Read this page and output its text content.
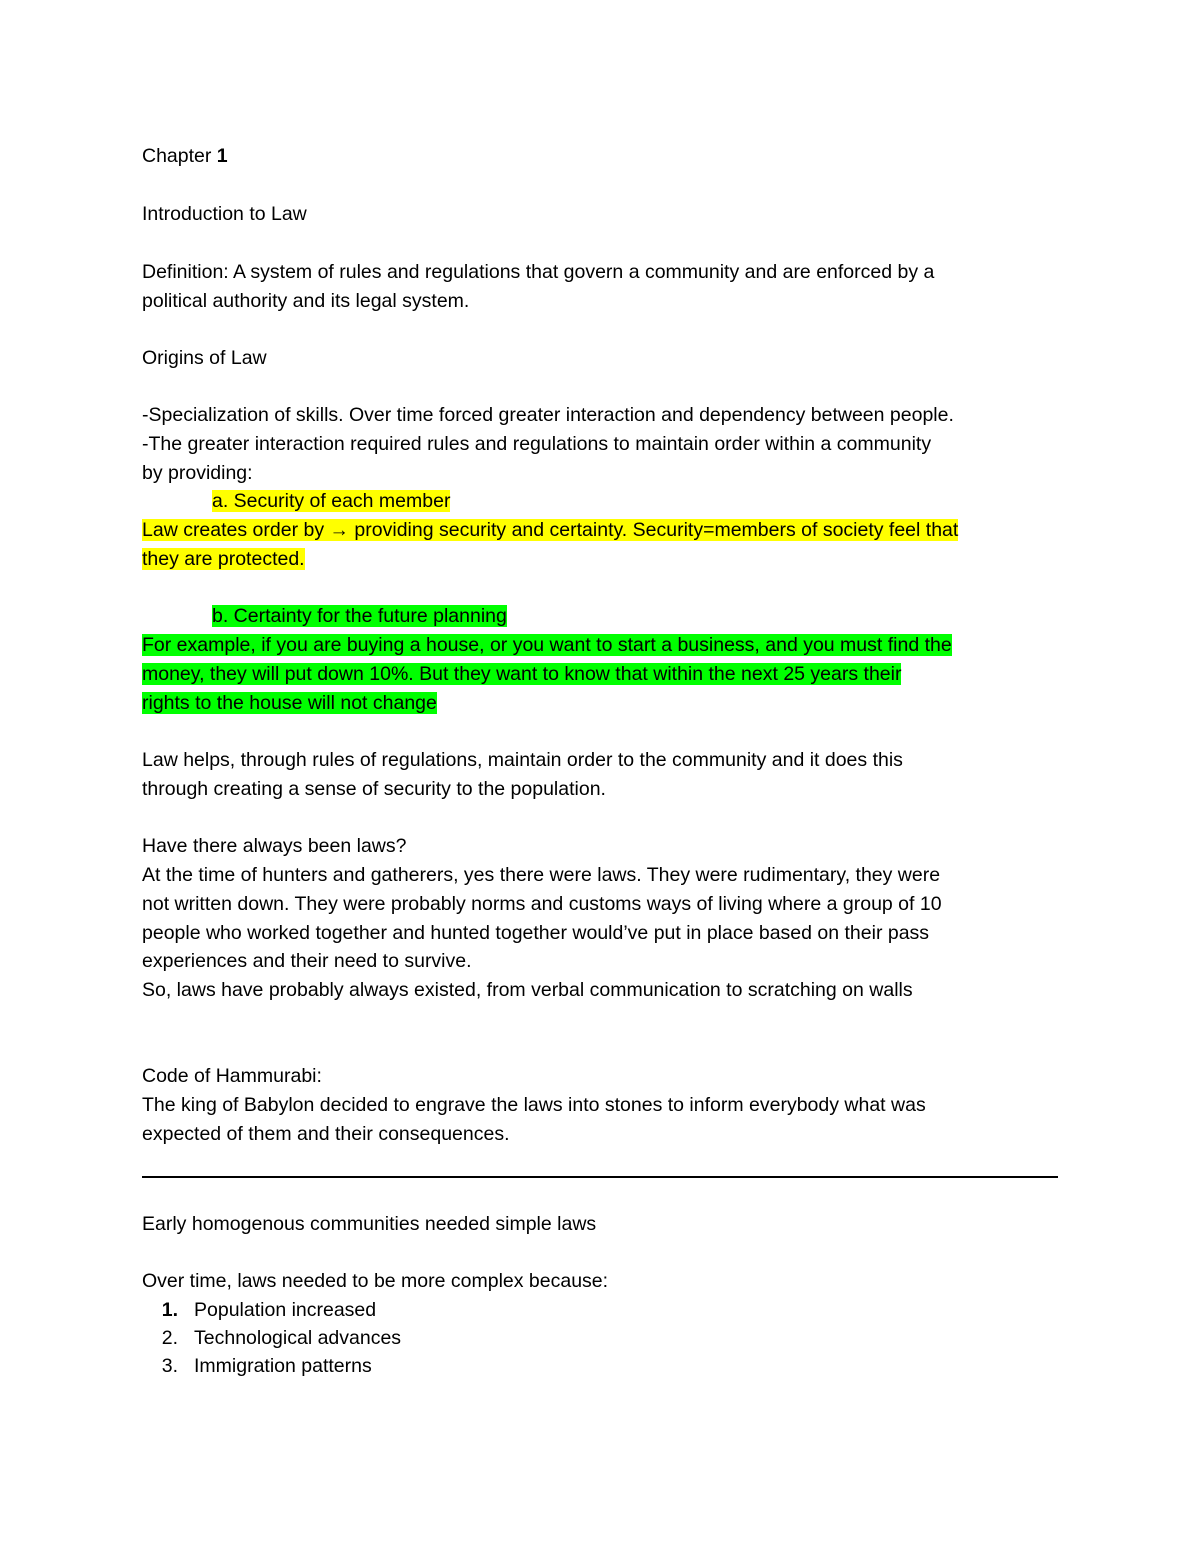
Chapter 1
Introduction to Law
Definition: A system of rules and regulations that govern a community and are enforced by a
political authority and its legal system.
Origins of Law
-Specialization of skills. Over time forced greater interaction and dependency between people.
-The greater interaction required rules and regulations to maintain order within a community
by providing:
a. Security of each member
Law creates order by → providing security and certainty. Security=members of society feel that
they are protected.
b. Certainty for the future planning
For example, if you are buying a house, or you want to start a business, and you must find the
money, they will put down 10%. But they want to know that within the next 25 years their
rights to the house will not change
Law helps, through rules of regulations, maintain order to the community and it does this
through creating a sense of security to the population.
Have there always been laws?
At the time of hunters and gatherers, yes there were laws. They were rudimentary, they were
not written down. They were probably norms and customs ways of living where a group of 10
people who worked together and hunted together would’ve put in place based on their pass
experiences and their need to survive.
So, laws have probably always existed, from verbal communication to scratching on walls
Code of Hammurabi:
The king of Babylon decided to engrave the laws into stones to inform everybody what was
expected of them and their consequences.
Early homogenous communities needed simple laws
Over time, laws needed to be more complex because:
1. Population increased
2. Technological advances
3. Immigration patterns
